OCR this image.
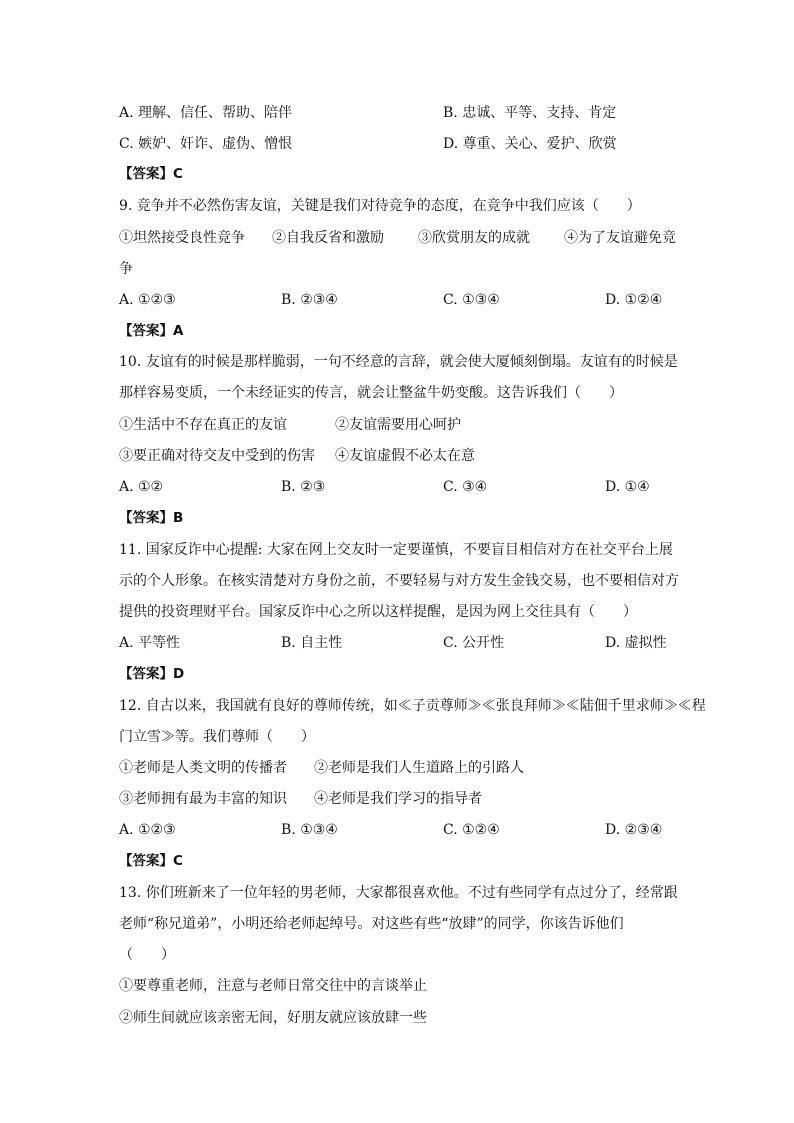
A. 理解、信任、帮助、陪伴	B. 忠诚、平等、支持、肯定
C. 嫉妒、奸诈、虚伪、憎恨	D. 尊重、关心、爱护、欣赏
【答案】C
9. 竞争并不必然伤害友谊，关键是我们对待竞争的态度，在竞争中我们应该（　　）
①坦然接受良性竞争 ②自我反省和激励 ③欣赏朋友的成就 ④为了友谊避免竞
争
A. ①②③	B. ②③④	C. ①③④	D. ①②④
【答案】A
10. 友谊有的时候是那样脆弱，一句不经意的言辞，就会使大厦倾刻倒塌。友谊有的时候是
那样容易变质，一个未经证实的传言，就会让整盆牛奶变酸。这告诉我们（　　）
①生活中不存在真正的友谊	②友谊需要用心呵护
③要正确对待交友中受到的伤害 ④友谊虚假不必太在意
A. ①②	B. ②③	C. ③④	D. ①④
【答案】B
11. 国家反诈中心提醒: 大家在网上交友时一定要谨慎，不要盲目相信对方在社交平台上展
示的个人形象。在核实清楚对方身份之前，不要轻易与对方发生金钱交易，也不要相信对方
提供的投资理财平台。国家反诈中心之所以这样提醒，是因为网上交往具有（　　）
A. 平等性	B. 自主性	C. 公开性	D. 虚拟性
【答案】D
12. 自古以来，我国就有良好的尊师传统，如≪子贡尊师≫≪张良拜师≫≪陆佃千里求师≫≪程
门立雪≫等。我们尊师（　　）
①老师是人类文明的传播者 ②老师是我们人生道路上的引路人
③老师拥有最为丰富的知识 ④老师是我们学习的指导者
A. ①②③	B. ①③④	C. ①②④	D. ②③④
【答案】C
13. 你们班新来了一位年轻的男老师，大家都很喜欢他。不过有些同学有点过分了，经常跟
老师“称兄道弟”，小明还给老师起绰号。对这些有些“放肆”的同学，你该告诉他们
（　　）
①要尊重老师，注意与老师日常交往中的言谈举止
②师生间就应该亲密无间，好朋友就应该放肆一些
